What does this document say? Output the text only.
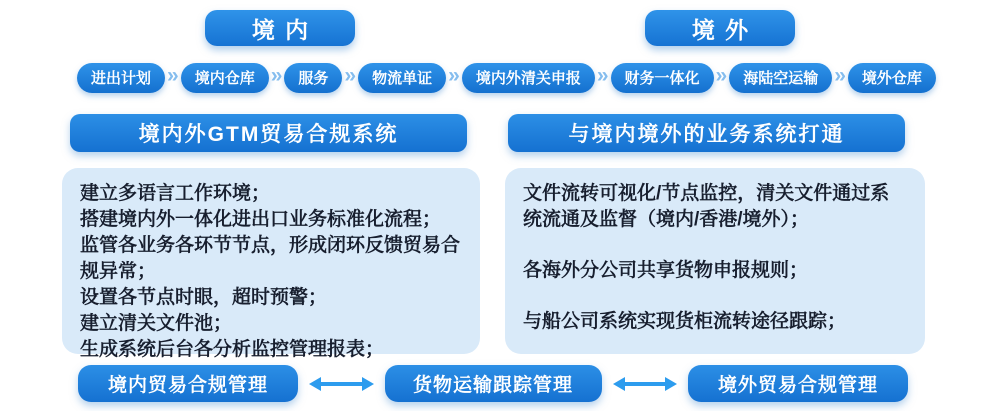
境内	境外
进出计划 »	境内仓库 »	服务 »	物流单证 »	境内外清关申报 »	财务一体化 »	海陆空运输 »	境外仓库
境内外GTM贸易合规系统	与境内境外的业务系统打通
建立多语言工作环境；
搭建境内外一体化进出口业务标准化流程；
监管各业务各环节节点，形成闭环反馈贸易合规异常；
设置各节点时眼，超时预警；
建立清关文件池；
生成系统后台各分析监控管理报表；

文件流转可视化/节点监控，清关文件通过系统流通及监督（境内/香港/境外）；

各海外分公司共享货物申报规则；

与船公司系统实现货柜流转途径跟踪；

境内贸易合规管理	货物运输跟踪管理	境外贸易合规管理
